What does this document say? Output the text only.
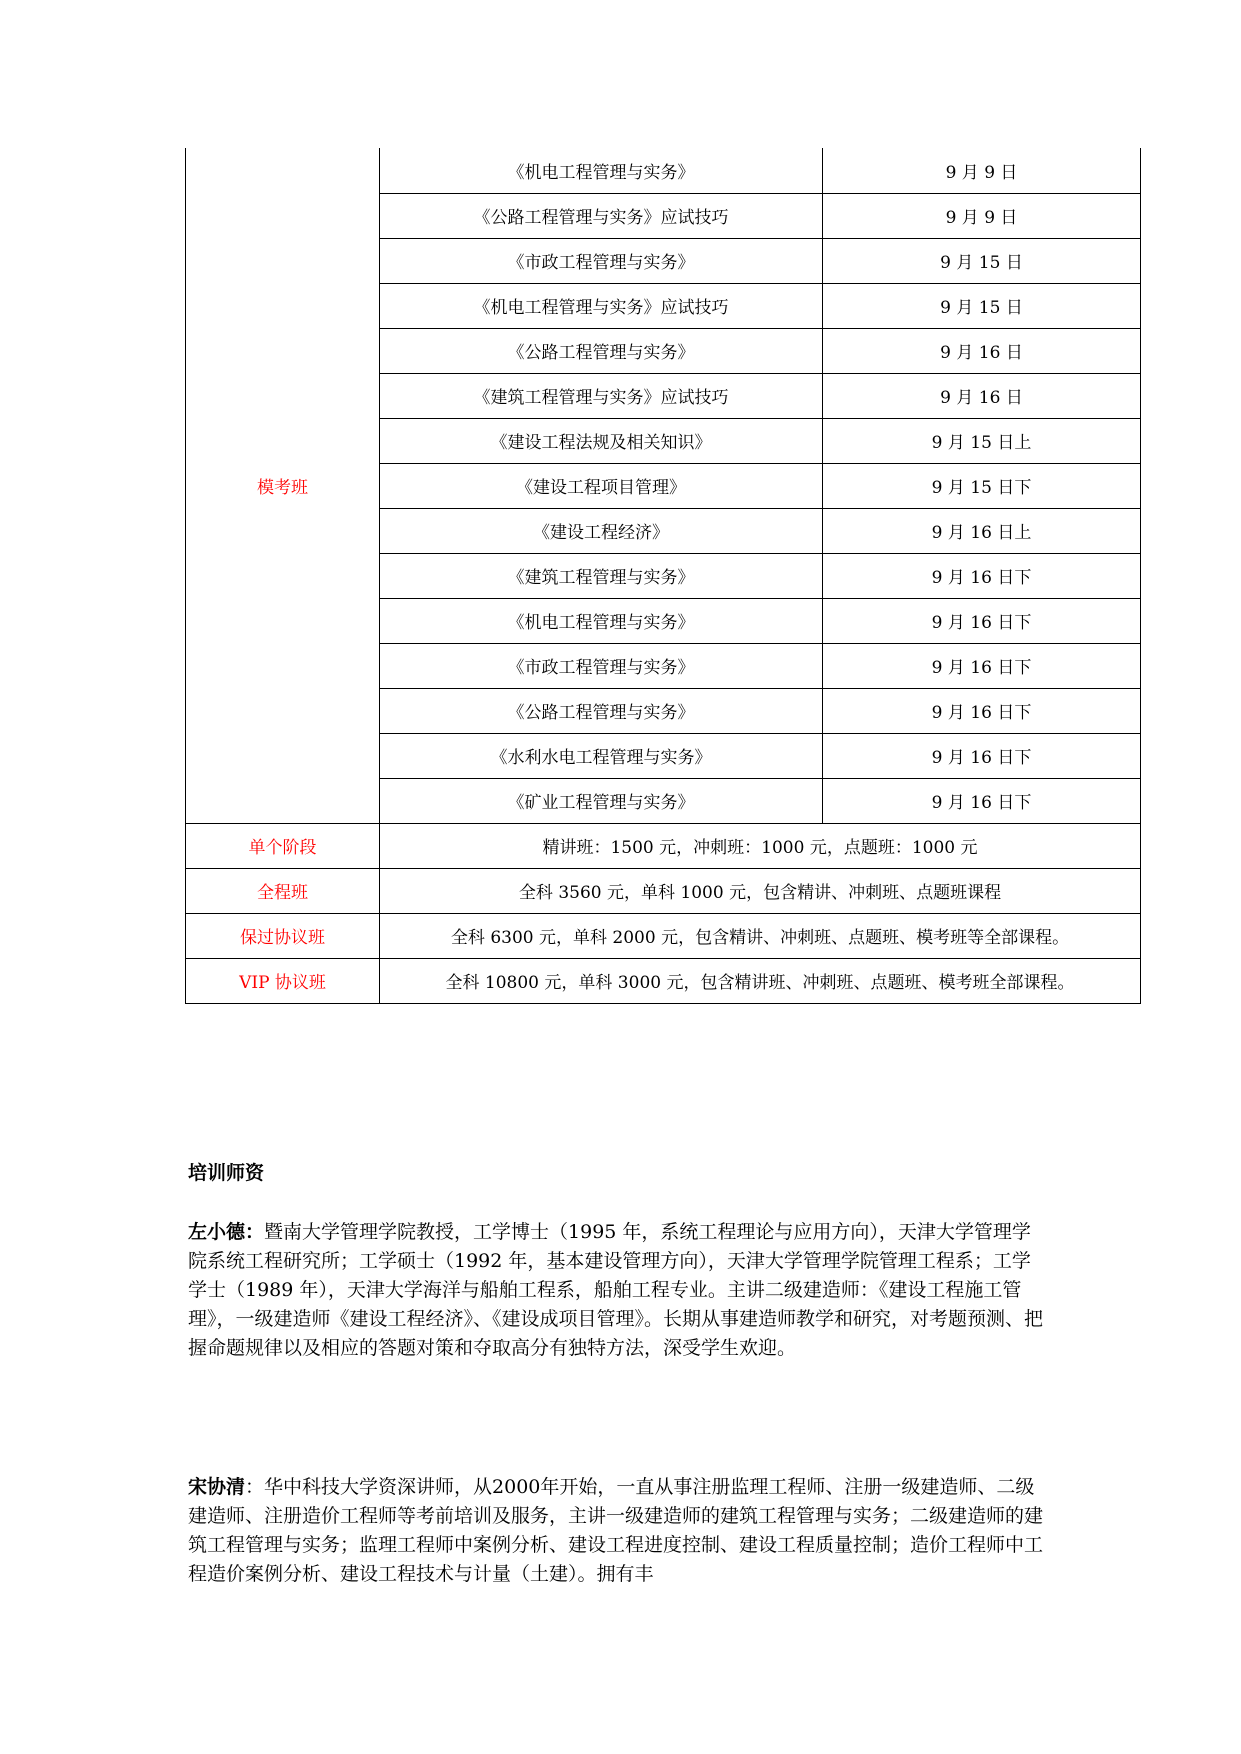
模考班	《机电工程管理与实务》	9 月 9 日
	《公路工程管理与实务》应试技巧	9 月 9 日
	《市政工程管理与实务》	9 月 15 日
	《机电工程管理与实务》应试技巧	9 月 15 日
	《公路工程管理与实务》	9 月 16 日
	《建筑工程管理与实务》应试技巧	9 月 16 日
	《建设工程法规及相关知识》	9 月 15 日上
	《建设工程项目管理》	9 月 15 日下
	《建设工程经济》	9 月 16 日上
	《建筑工程管理与实务》	9 月 16 日下
	《机电工程管理与实务》	9 月 16 日下
	《市政工程管理与实务》	9 月 16 日下
	《公路工程管理与实务》	9 月 16 日下
	《水利水电工程管理与实务》	9 月 16 日下
	《矿业工程管理与实务》	9 月 16 日下
单个阶段	精讲班：1500 元，冲刺班：1000 元，点题班：1000 元	
全程班	全科 3560 元，单科 1000 元，包含精讲、冲刺班、点题班课程	
保过协议班	全科 6300 元，单科 2000 元，包含精讲、冲刺班、点题班、模考班等全部课程。	
VIP 协议班	全科 10800 元，单科 3000 元，包含精讲班、冲刺班、点题班、模考班全部课程。	
培训师资
左小德：暨南大学管理学院教授，工学博士（1995 年，系统工程理论与应用方向），天津大学管理学院系统工程研究所；工学硕士（1992 年，基本建设管理方向），天津大学管理学院管理工程系；工学学士（1989 年），天津大学海洋与船舶工程系，船舶工程专业。主讲二级建造师：《建设工程施工管理》，一级建造师《建设工程经济》、《建设成项目管理》。长期从事建造师教学和研究，对考题预测、把握命题规律以及相应的答题对策和夺取高分有独特方法，深受学生欢迎。
宋协清：华中科技大学资深讲师，从2000年开始，一直从事注册监理工程师、注册一级建造师、二级建造师、注册造价工程师等考前培训及服务，主讲一级建造师的建筑工程管理与实务；二级建造师的建筑工程管理与实务；监理工程师中案例分析、建设工程进度控制、建设工程质量控制；造价工程师中工程造价案例分析、建设工程技术与计量（土建）。拥有丰
